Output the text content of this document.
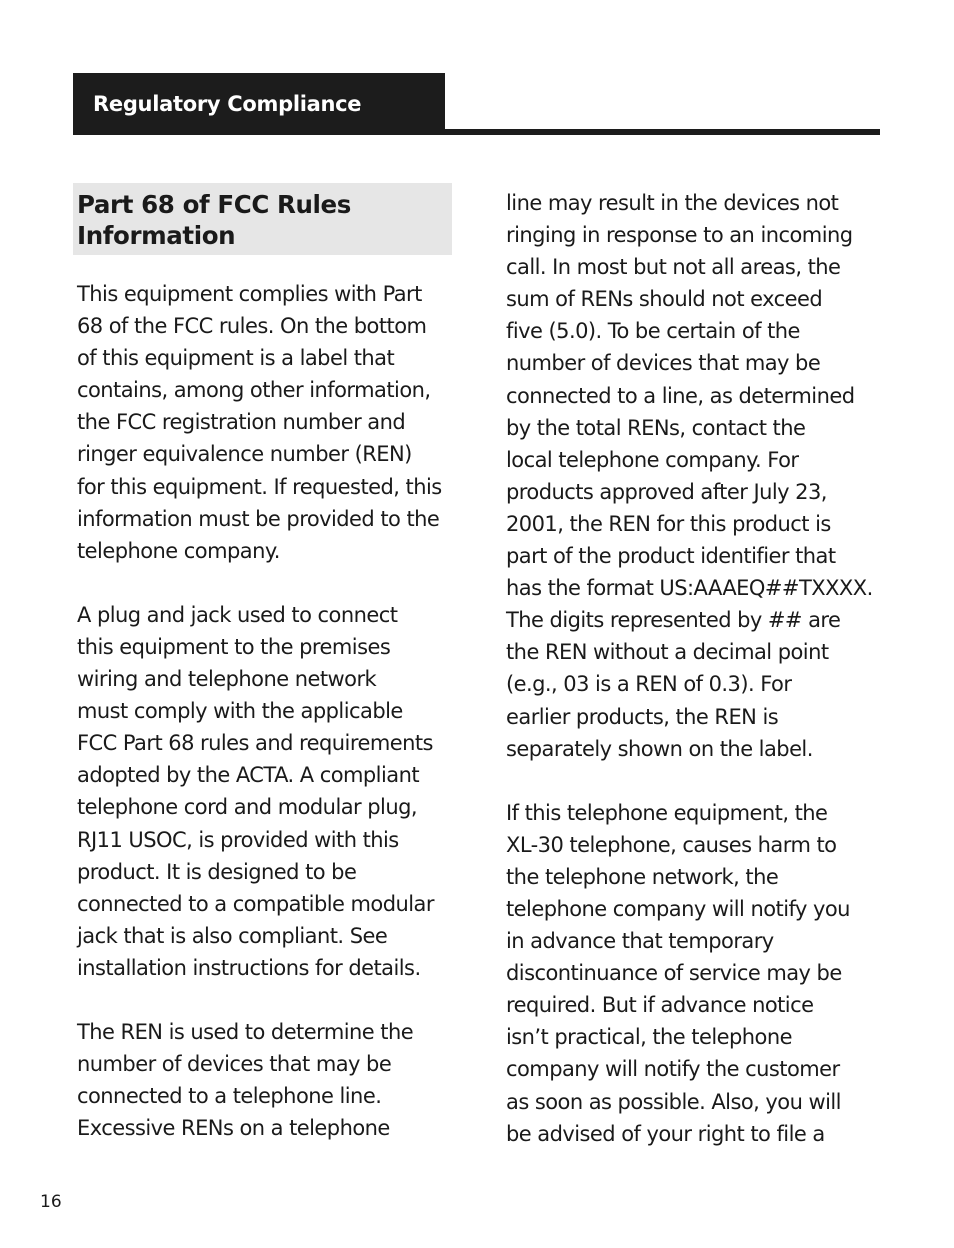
Regulatory Compliance
Part 68 of FCC Rules
Information

This equipment complies with Part
68 of the FCC rules. On the bottom
of this equipment is a label that
contains, among other information,
the FCC registration number and
ringer equivalence number (REN)
for this equipment. If requested, this
information must be provided to the
telephone company.

A plug and jack used to connect
this equipment to the premises
wiring and telephone network
must comply with the applicable
FCC Part 68 rules and requirements
adopted by the ACTA. A compliant
telephone cord and modular plug,
RJ11 USOC, is provided with this
product. It is designed to be
connected to a compatible modular
jack that is also compliant. See
installation instructions for details.

The REN is used to determine the
number of devices that may be
connected to a telephone line.
Excessive RENs on a telephone

line may result in the devices not
ringing in response to an incoming
call. In most but not all areas, the
sum of RENs should not exceed
five (5.0). To be certain of the
number of devices that may be
connected to a line, as determined
by the total RENs, contact the
local telephone company. For
products approved after July 23,
2001, the REN for this product is
part of the product identifier that
has the format US:AAAEQ##TXXXX.
The digits represented by ## are
the REN without a decimal point
(e.g., 03 is a REN of 0.3). For
earlier products, the REN is
separately shown on the label.

If this telephone equipment, the
XL-30 telephone, causes harm to
the telephone network, the
telephone company will notify you
in advance that temporary
discontinuance of service may be
required. But if advance notice
isn’t practical, the telephone
company will notify the customer
as soon as possible. Also, you will
be advised of your right to file a

16
